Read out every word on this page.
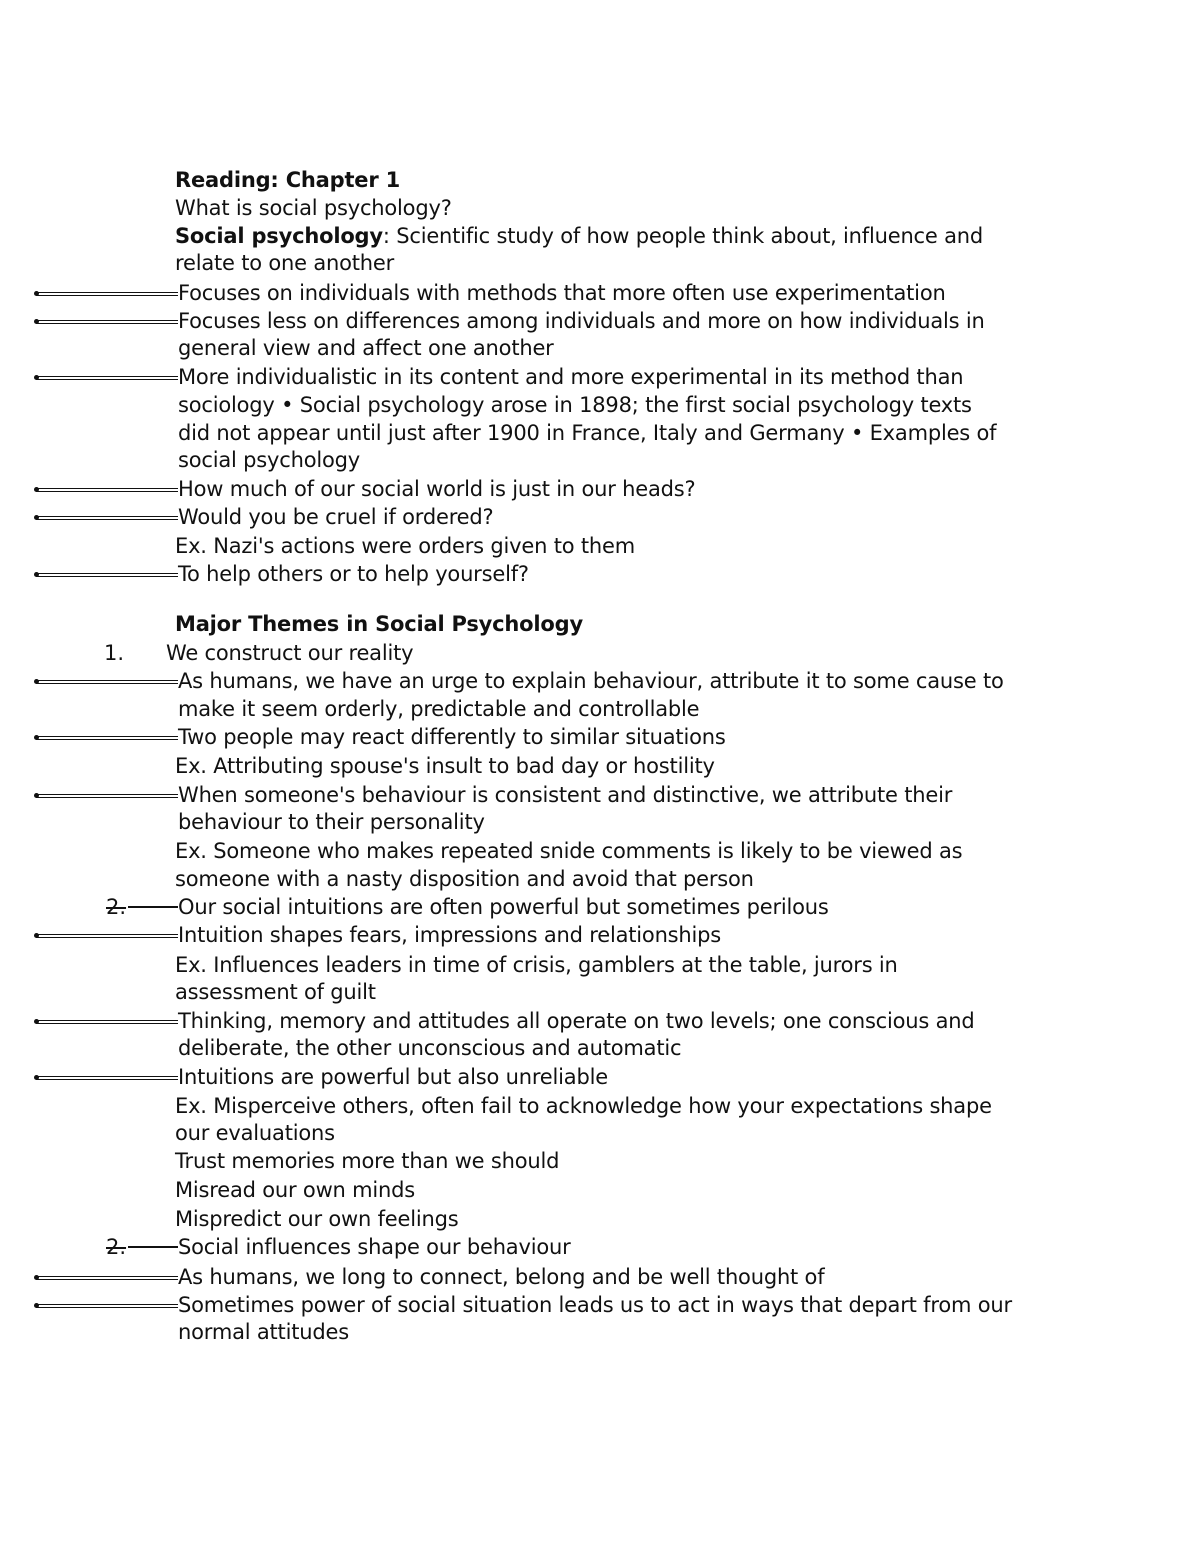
Reading: Chapter 1
What is social psychology?
Social psychology: Scientific study of how people think about, influence and
relate to one another
Focuses on individuals with methods that more often use experimentation
Focuses less on differences among individuals and more on how individuals in
general view and affect one another
More individualistic in its content and more experimental in its method than
sociology • Social psychology arose in 1898; the first social psychology texts
did not appear until just after 1900 in France, Italy and Germany • Examples of
social psychology
How much of our social world is just in our heads?
Would you be cruel if ordered?
Ex. Nazi's actions were orders given to them
To help others or to help yourself?
Major Themes in Social Psychology
1. We construct our reality
As humans, we have an urge to explain behaviour, attribute it to some cause to
make it seem orderly, predictable and controllable
Two people may react differently to similar situations
Ex. Attributing spouse's insult to bad day or hostility
When someone's behaviour is consistent and distinctive, we attribute their
behaviour to their personality
Ex. Someone who makes repeated snide comments is likely to be viewed as
someone with a nasty disposition and avoid that person
2. Our social intuitions are often powerful but sometimes perilous
Intuition shapes fears, impressions and relationships
Ex. Influences leaders in time of crisis, gamblers at the table, jurors in
assessment of guilt
Thinking, memory and attitudes all operate on two levels; one conscious and
deliberate, the other unconscious and automatic
Intuitions are powerful but also unreliable
Ex. Misperceive others, often fail to acknowledge how your expectations shape
our evaluations
Trust memories more than we should
Misread our own minds
Mispredict our own feelings
2. Social influences shape our behaviour
As humans, we long to connect, belong and be well thought of
Sometimes power of social situation leads us to act in ways that depart from our
normal attitudes
